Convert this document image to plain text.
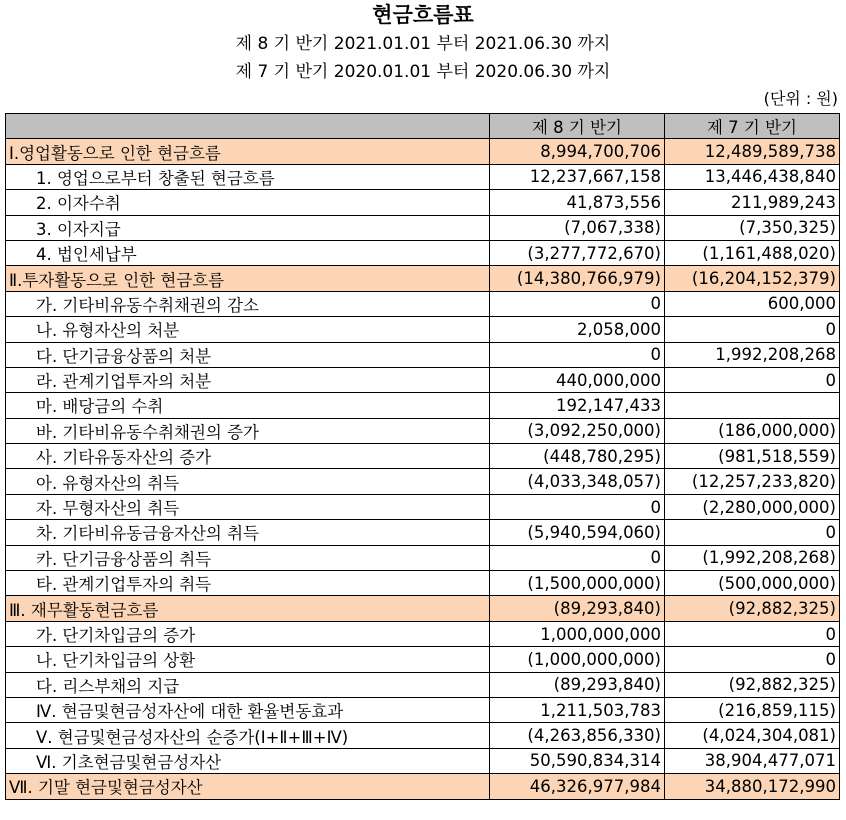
현금흐름표
제 8 기 반기 2021.01.01 부터 2021.06.30 까지
제 7 기 반기 2020.01.01 부터 2020.06.30 까지
(단위 : 원)
	제 8 기 반기	제 7 기 반기
Ⅰ.영업활동으로 인한 현금흐름	8,994,700,706	12,489,589,738
1. 영업으로부터 창출된 현금흐름	12,237,667,158	13,446,438,840
2. 이자수취	41,873,556	211,989,243
3. 이자지급	(7,067,338)	(7,350,325)
4. 법인세납부	(3,277,772,670)	(1,161,488,020)
Ⅱ.투자활동으로 인한 현금흐름	(14,380,766,979)	(16,204,152,379)
가. 기타비유동수취채권의 감소	0	600,000
나. 유형자산의 처분	2,058,000	0
다. 단기금융상품의 처분	0	1,992,208,268
라. 관계기업투자의 처분	440,000,000	0
마. 배당금의 수취	192,147,433	
바. 기타비유동수취채권의 증가	(3,092,250,000)	(186,000,000)
사. 기타유동자산의 증가	(448,780,295)	(981,518,559)
아. 유형자산의 취득	(4,033,348,057)	(12,257,233,820)
자. 무형자산의 취득	0	(2,280,000,000)
차. 기타비유동금융자산의 취득	(5,940,594,060)	0
카. 단기금융상품의 취득	0	(1,992,208,268)
타. 관계기업투자의 취득	(1,500,000,000)	(500,000,000)
Ⅲ. 재무활동현금흐름	(89,293,840)	(92,882,325)
가. 단기차입금의 증가	1,000,000,000	0
나. 단기차입금의 상환	(1,000,000,000)	0
다. 리스부채의 지급	(89,293,840)	(92,882,325)
Ⅳ. 현금및현금성자산에 대한 환율변동효과	1,211,503,783	(216,859,115)
Ⅴ. 현금및현금성자산의 순증가(Ⅰ+Ⅱ+Ⅲ+Ⅳ)	(4,263,856,330)	(4,024,304,081)
Ⅵ. 기초현금및현금성자산	50,590,834,314	38,904,477,071
Ⅶ. 기말 현금및현금성자산	46,326,977,984	34,880,172,990
